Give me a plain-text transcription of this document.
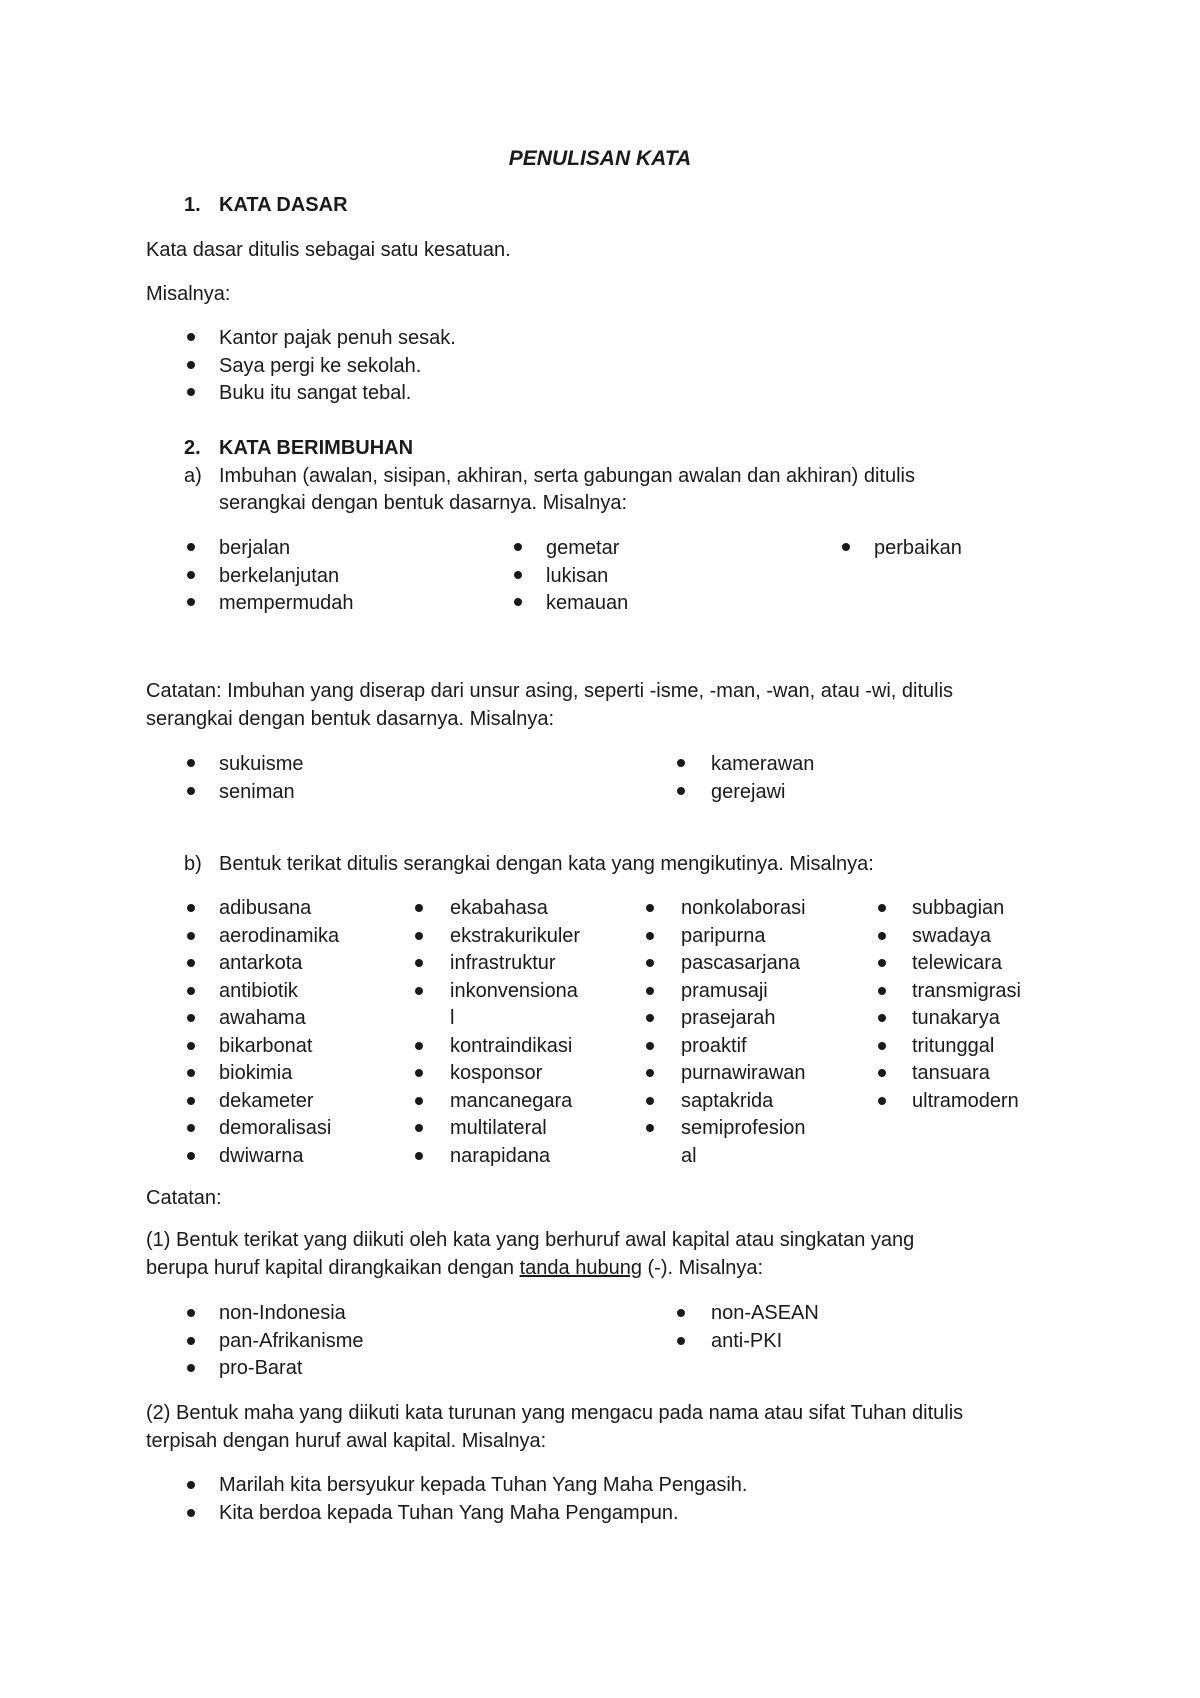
PENULISAN KATA
1. KATA DASAR
Kata dasar ditulis sebagai satu kesatuan.
Misalnya:
Kantor pajak penuh sesak.
Saya pergi ke sekolah.
Buku itu sangat tebal.
2. KATA BERIMBUHAN
a) Imbuhan (awalan, sisipan, akhiran, serta gabungan awalan dan akhiran) ditulis
serangkai dengan bentuk dasarnya. Misalnya:
berjalan
berkelanjutan
mempermudah
gemetar
lukisan
kemauan
perbaikan
Catatan: Imbuhan yang diserap dari unsur asing, seperti -isme, -man, -wan, atau -wi, ditulis
serangkai dengan bentuk dasarnya. Misalnya:
sukuisme
seniman
kamerawan
gerejawi
b) Bentuk terikat ditulis serangkai dengan kata yang mengikutinya. Misalnya:
adibusana
aerodinamika
antarkota
antibiotik
awahama
bikarbonat
biokimia
dekameter
demoralisasi
dwiwarna
ekabahasa
ekstrakurikuler
infrastruktur
inkonvensiona
l
kontraindikasi
kosponsor
mancanegara
multilateral
narapidana
nonkolaborasi
paripurna
pascasarjana
pramusaji
prasejarah
proaktif
purnawirawan
saptakrida
semiprofesion
al
subbagian
swadaya
telewicara
transmigrasi
tunakarya
tritunggal
tansuara
ultramodern
Catatan:
(1) Bentuk terikat yang diikuti oleh kata yang berhuruf awal kapital atau singkatan yang
berupa huruf kapital dirangkaikan dengan tanda hubung (-). Misalnya:
non-Indonesia
pan-Afrikanisme
pro-Barat
non-ASEAN
anti-PKI
(2) Bentuk maha yang diikuti kata turunan yang mengacu pada nama atau sifat Tuhan ditulis
terpisah dengan huruf awal kapital. Misalnya:
Marilah kita bersyukur kepada Tuhan Yang Maha Pengasih.
Kita berdoa kepada Tuhan Yang Maha Pengampun.
